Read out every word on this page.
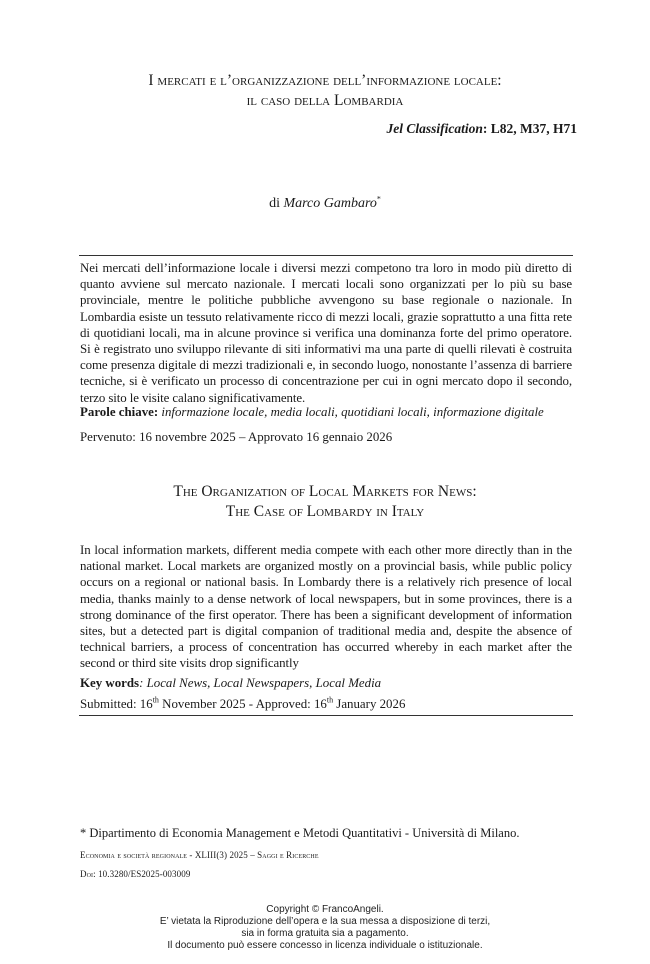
I mercati e l’organizzazione dell’informazione locale:
il caso della Lombardia
Jel Classification: L82, M37, H71
di Marco Gambaro*
Nei mercati dell’informazione locale i diversi mezzi competono tra loro in modo più diretto di quanto avviene sul mercato nazionale. I mercati locali sono organizzati per lo più su base provinciale, mentre le politiche pubbliche avvengono su base regionale o nazionale. In Lombardia esiste un tessuto relativamente ricco di mezzi locali, grazie soprattutto a una fitta rete di quotidiani locali, ma in alcune province si verifica una dominanza forte del primo operatore. Si è registrato uno sviluppo rilevante di siti informativi ma una parte di quelli rilevati è costruita come presenza digitale di mezzi tradizionali e, in secondo luogo, nonostante l’assenza di barriere tecniche, si è verificato un processo di concentrazione per cui in ogni mercato dopo il secondo, terzo sito le visite calano significativamente.
Parole chiave: informazione locale, media locali, quotidiani locali, informazione digitale
Pervenuto: 16 novembre 2025 – Approvato 16 gennaio 2026
The Organization of Local Markets for News:
The Case of Lombardy in Italy
In local information markets, different media compete with each other more directly than in the national market. Local markets are organized mostly on a provincial basis, while public policy occurs on a regional or national basis. In Lombardy there is a relatively rich presence of local media, thanks mainly to a dense network of local newspapers, but in some provinces, there is a strong dominance of the first operator. There has been a significant development of information sites, but a detected part is digital companion of traditional media and, despite the absence of technical barriers, a process of concentration has occurred whereby in each market after the second or third site visits drop significantly
Key words: Local News, Local Newspapers, Local Media
Submitted: 16th November 2025 - Approved: 16th January 2026
* Dipartimento di Economia Management e Metodi Quantitativi - Università di Milano.
Economia e società regionale - XLIII(3) 2025 – Saggi e Ricerche
Doi: 10.3280/ES2025-003009
Copyright © FrancoAngeli.
E’ vietata la Riproduzione dell’opera e la sua messa a disposizione di terzi,
sia in forma gratuita sia a pagamento.
Il documento può essere concesso in licenza individuale o istituzionale.
